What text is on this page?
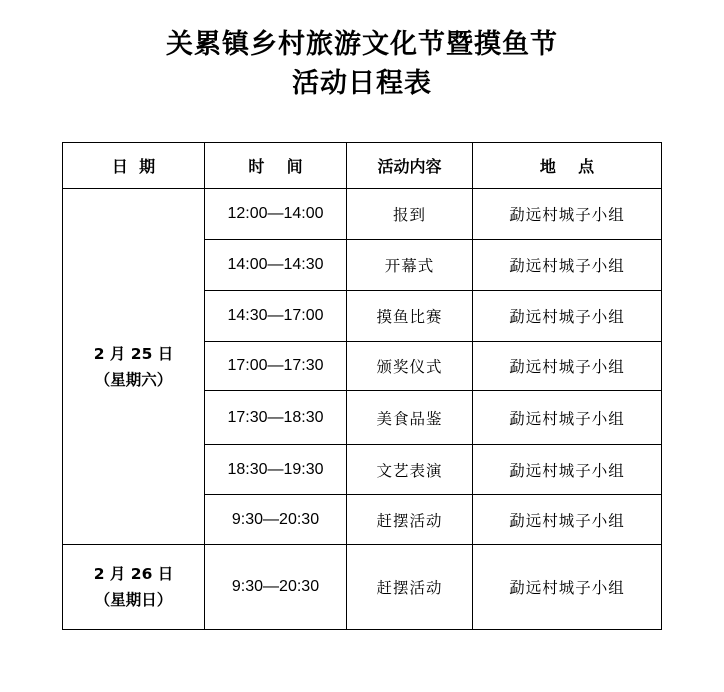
关累镇乡村旅游文化节暨摸鱼节
活动日程表
日  期	时    间	活动内容	地    点

2 月 25 日
（星期六）	12:00—14:00	报到	勐远村城子小组
	14:00—14:30	开幕式	勐远村城子小组
	14:30—17:00	摸鱼比赛	勐远村城子小组
	17:00—17:30	颁奖仪式	勐远村城子小组
	17:30—18:30	美食品鉴	勐远村城子小组
	18:30—19:30	文艺表演	勐远村城子小组
	9:30—20:30	赶摆活动	勐远村城子小组

2 月 26 日
（星期日）	9:30—20:30	赶摆活动	勐远村城子小组
